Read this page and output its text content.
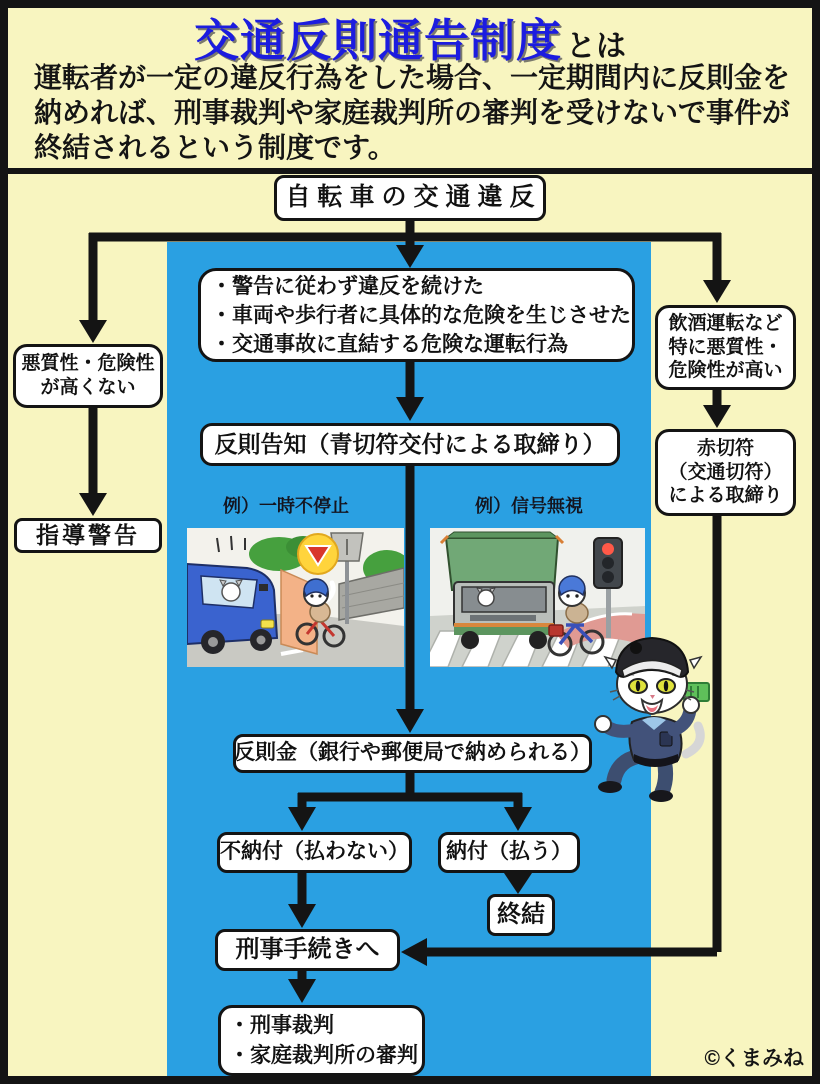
交通反則通告制度 とは
運転者が一定の違反行為をした場合、一定期間内に反則金を
納めれば、刑事裁判や家庭裁判所の審判を受けないで事件が
終結されるという制度です。
自転車の交通違反
・警告に従わず違反を続けた
・車両や歩行者に具体的な危険を生じさせた
・交通事故に直結する危険な運転行為
反則告知（青切符交付による取締り）
例）一時不停止	例）信号無視
反則金（銀行や郵便局で納められる）
不納付（払わない） 納付（払う）
終結
刑事手続きへ
・刑事裁判
・家庭裁判所の審判
悪質性・危険性
が高くない
指導警告
飲酒運転など
特に悪質性・
危険性が高い
赤切符
（交通切符）
による取締り
©くまみね
